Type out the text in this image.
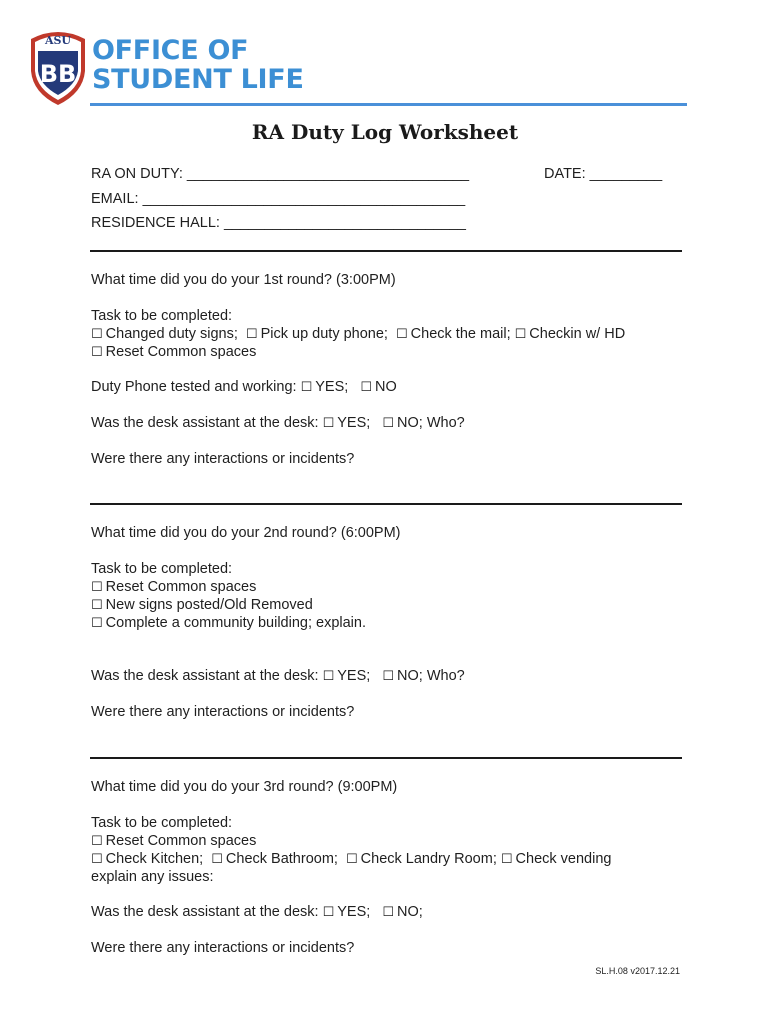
ASU
BB
OFFICE OF
STUDENT LIFE
RA Duty Log Worksheet
RA ON DUTY: ___________________________________	DATE: _________
EMAIL: ________________________________________
RESIDENCE HALL: ______________________________
What time did you do your 1st round? (3:00PM)
Task to be completed:
☐ Changed duty signs; ☐ Pick up duty phone; ☐ Check the mail; ☐ Checkin w/ HD
☐ Reset Common spaces
Duty Phone tested and working: ☐ YES; ☐ NO
Was the desk assistant at the desk: ☐ YES; ☐ NO; Who?
Were there any interactions or incidents?
What time did you do your 2nd round? (6:00PM)
Task to be completed:
☐ Reset Common spaces
☐ New signs posted/Old Removed
☐ Complete a community building; explain.
Was the desk assistant at the desk: ☐ YES; ☐ NO; Who?
Were there any interactions or incidents?
What time did you do your 3rd round? (9:00PM)
Task to be completed:
☐ Reset Common spaces
☐ Check Kitchen; ☐ Check Bathroom; ☐ Check Landry Room; ☐ Check vending
explain any issues:
Was the desk assistant at the desk: ☐ YES; ☐ NO;
Were there any interactions or incidents?
SL.H.08 v2017.12.21
